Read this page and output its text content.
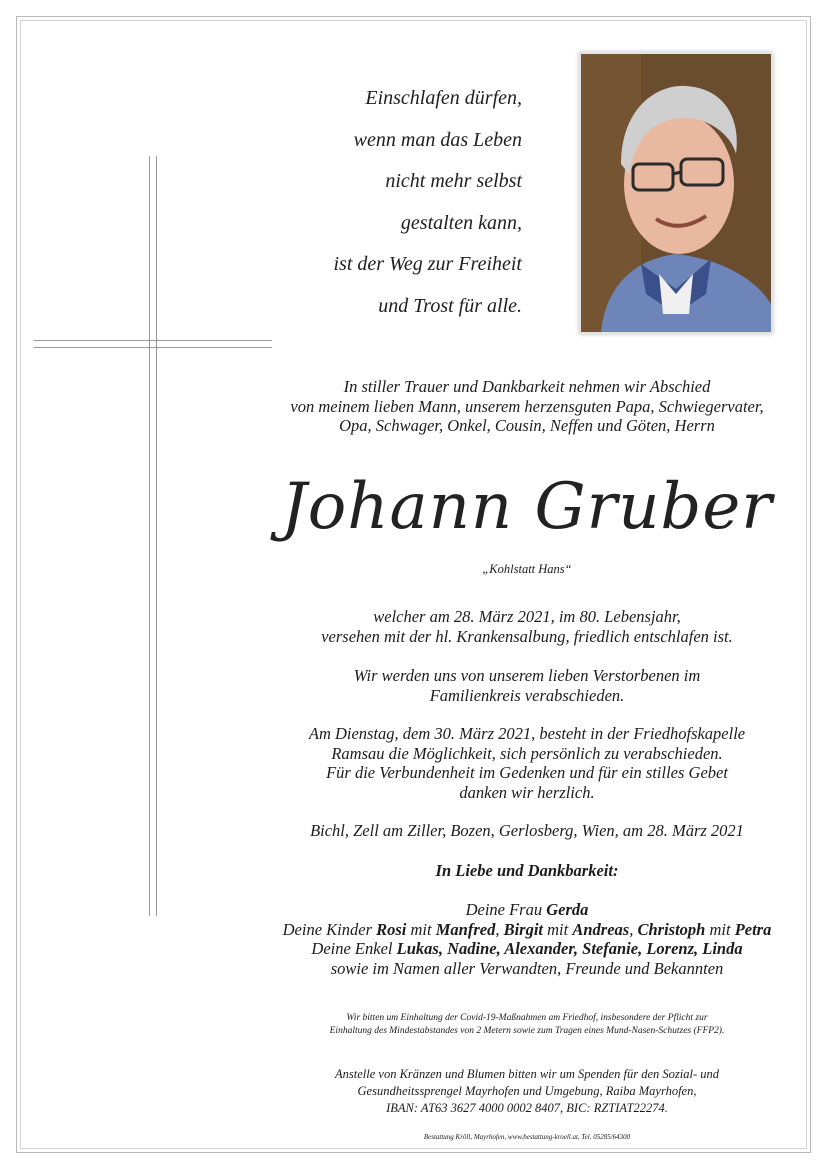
Einschlafen dürfen,
wenn man das Leben
nicht mehr selbst
gestalten kann,
ist der Weg zur Freiheit
und Trost für alle.
In stiller Trauer und Dankbarkeit nehmen wir Abschied
von meinem lieben Mann, unserem herzensguten Papa, Schwiegervater,
Opa, Schwager, Onkel, Cousin, Neffen und Göten, Herrn
Johann Gruber
„Kohlstatt Hans“
welcher am 28. März 2021, im 80. Lebensjahr,
versehen mit der hl. Krankensalbung, friedlich entschlafen ist.
Wir werden uns von unserem lieben Verstorbenen im
Familienkreis verabschieden.
Am Dienstag, dem 30. März 2021, besteht in der Friedhofskapelle
Ramsau die Möglichkeit, sich persönlich zu verabschieden.
Für die Verbundenheit im Gedenken und für ein stilles Gebet
danken wir herzlich.
Bichl, Zell am Ziller, Bozen, Gerlosberg, Wien, am 28. März 2021
In Liebe und Dankbarkeit:
Deine Frau Gerda
Deine Kinder Rosi mit Manfred, Birgit mit Andreas, Christoph mit Petra
Deine Enkel Lukas, Nadine, Alexander, Stefanie, Lorenz, Linda
sowie im Namen aller Verwandten, Freunde und Bekannten
Wir bitten um Einhaltung der Covid-19-Maßnahmen am Friedhof, insbesondere der Pflicht zur
Einhaltung des Mindestabstandes von 2 Metern sowie zum Tragen eines Mund-Nasen-Schutzes (FFP2).
Anstelle von Kränzen und Blumen bitten wir um Spenden für den Sozial- und
Gesundheitssprengel Mayrhofen und Umgebung, Raiba Mayrhofen,
IBAN: AT63 3627 4000 0002 8407, BIC: RZTIAT22274.
Bestattung Kröll, Mayrhofen, www.bestattung-kroell.at, Tel. 05285/64300
